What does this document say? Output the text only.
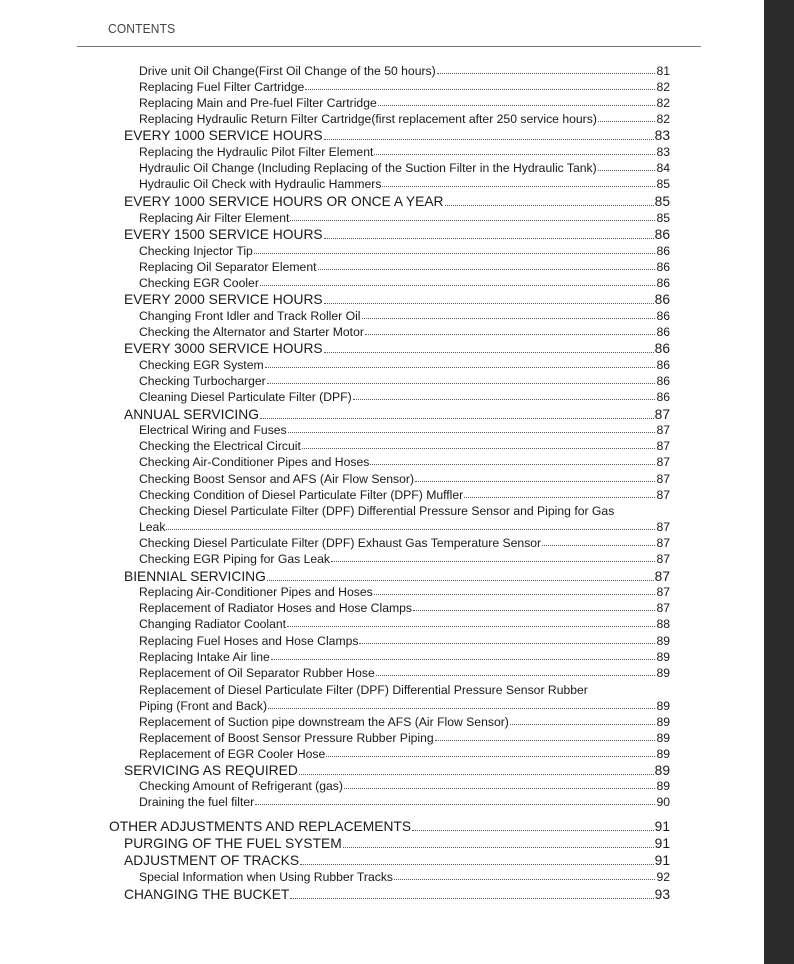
CONTENTS
Drive unit Oil Change(First Oil Change of the 50 hours)	81
Replacing Fuel Filter Cartridge	82
Replacing Main and Pre-fuel Filter Cartridge	82
Replacing Hydraulic Return Filter Cartridge(first replacement after 250 service hours)	82
EVERY 1000 SERVICE HOURS	83
Replacing the Hydraulic Pilot Filter Element	83
Hydraulic Oil Change (Including Replacing of the Suction Filter in the Hydraulic Tank)	84
Hydraulic Oil Check with Hydraulic Hammers	85
EVERY 1000 SERVICE HOURS OR ONCE A YEAR	85
Replacing Air Filter Element	85
EVERY 1500 SERVICE HOURS	86
Checking Injector Tip	86
Replacing Oil Separator Element	86
Checking EGR Cooler	86
EVERY 2000 SERVICE HOURS	86
Changing Front Idler and Track Roller Oil	86
Checking the Alternator and Starter Motor	86
EVERY 3000 SERVICE HOURS	86
Checking EGR System	86
Checking Turbocharger	86
Cleaning Diesel Particulate Filter (DPF)	86
ANNUAL SERVICING	87
Electrical Wiring and Fuses	87
Checking the Electrical Circuit	87
Checking Air-Conditioner Pipes and Hoses	87
Checking Boost Sensor and AFS (Air Flow Sensor)	87
Checking Condition of Diesel Particulate Filter (DPF) Muffler	87
Checking Diesel Particulate Filter (DPF) Differential Pressure Sensor and Piping for Gas
Leak	87
Checking Diesel Particulate Filter (DPF) Exhaust Gas Temperature Sensor	87
Checking EGR Piping for Gas Leak	87
BIENNIAL SERVICING	87
Replacing Air-Conditioner Pipes and Hoses	87
Replacement of Radiator Hoses and Hose Clamps	87
Changing Radiator Coolant	88
Replacing Fuel Hoses and Hose Clamps	89
Replacing Intake Air line	89
Replacement of Oil Separator Rubber Hose	89
Replacement of Diesel Particulate Filter (DPF) Differential Pressure Sensor Rubber
Piping (Front and Back)	89
Replacement of Suction pipe downstream the AFS (Air Flow Sensor)	89
Replacement of Boost Sensor Pressure Rubber Piping	89
Replacement of EGR Cooler Hose	89
SERVICING AS REQUIRED	89
Checking Amount of Refrigerant (gas)	89
Draining the fuel filter	90
OTHER ADJUSTMENTS AND REPLACEMENTS	91
PURGING OF THE FUEL SYSTEM	91
ADJUSTMENT OF TRACKS	91
Special Information when Using Rubber Tracks	92
CHANGING THE BUCKET	93
